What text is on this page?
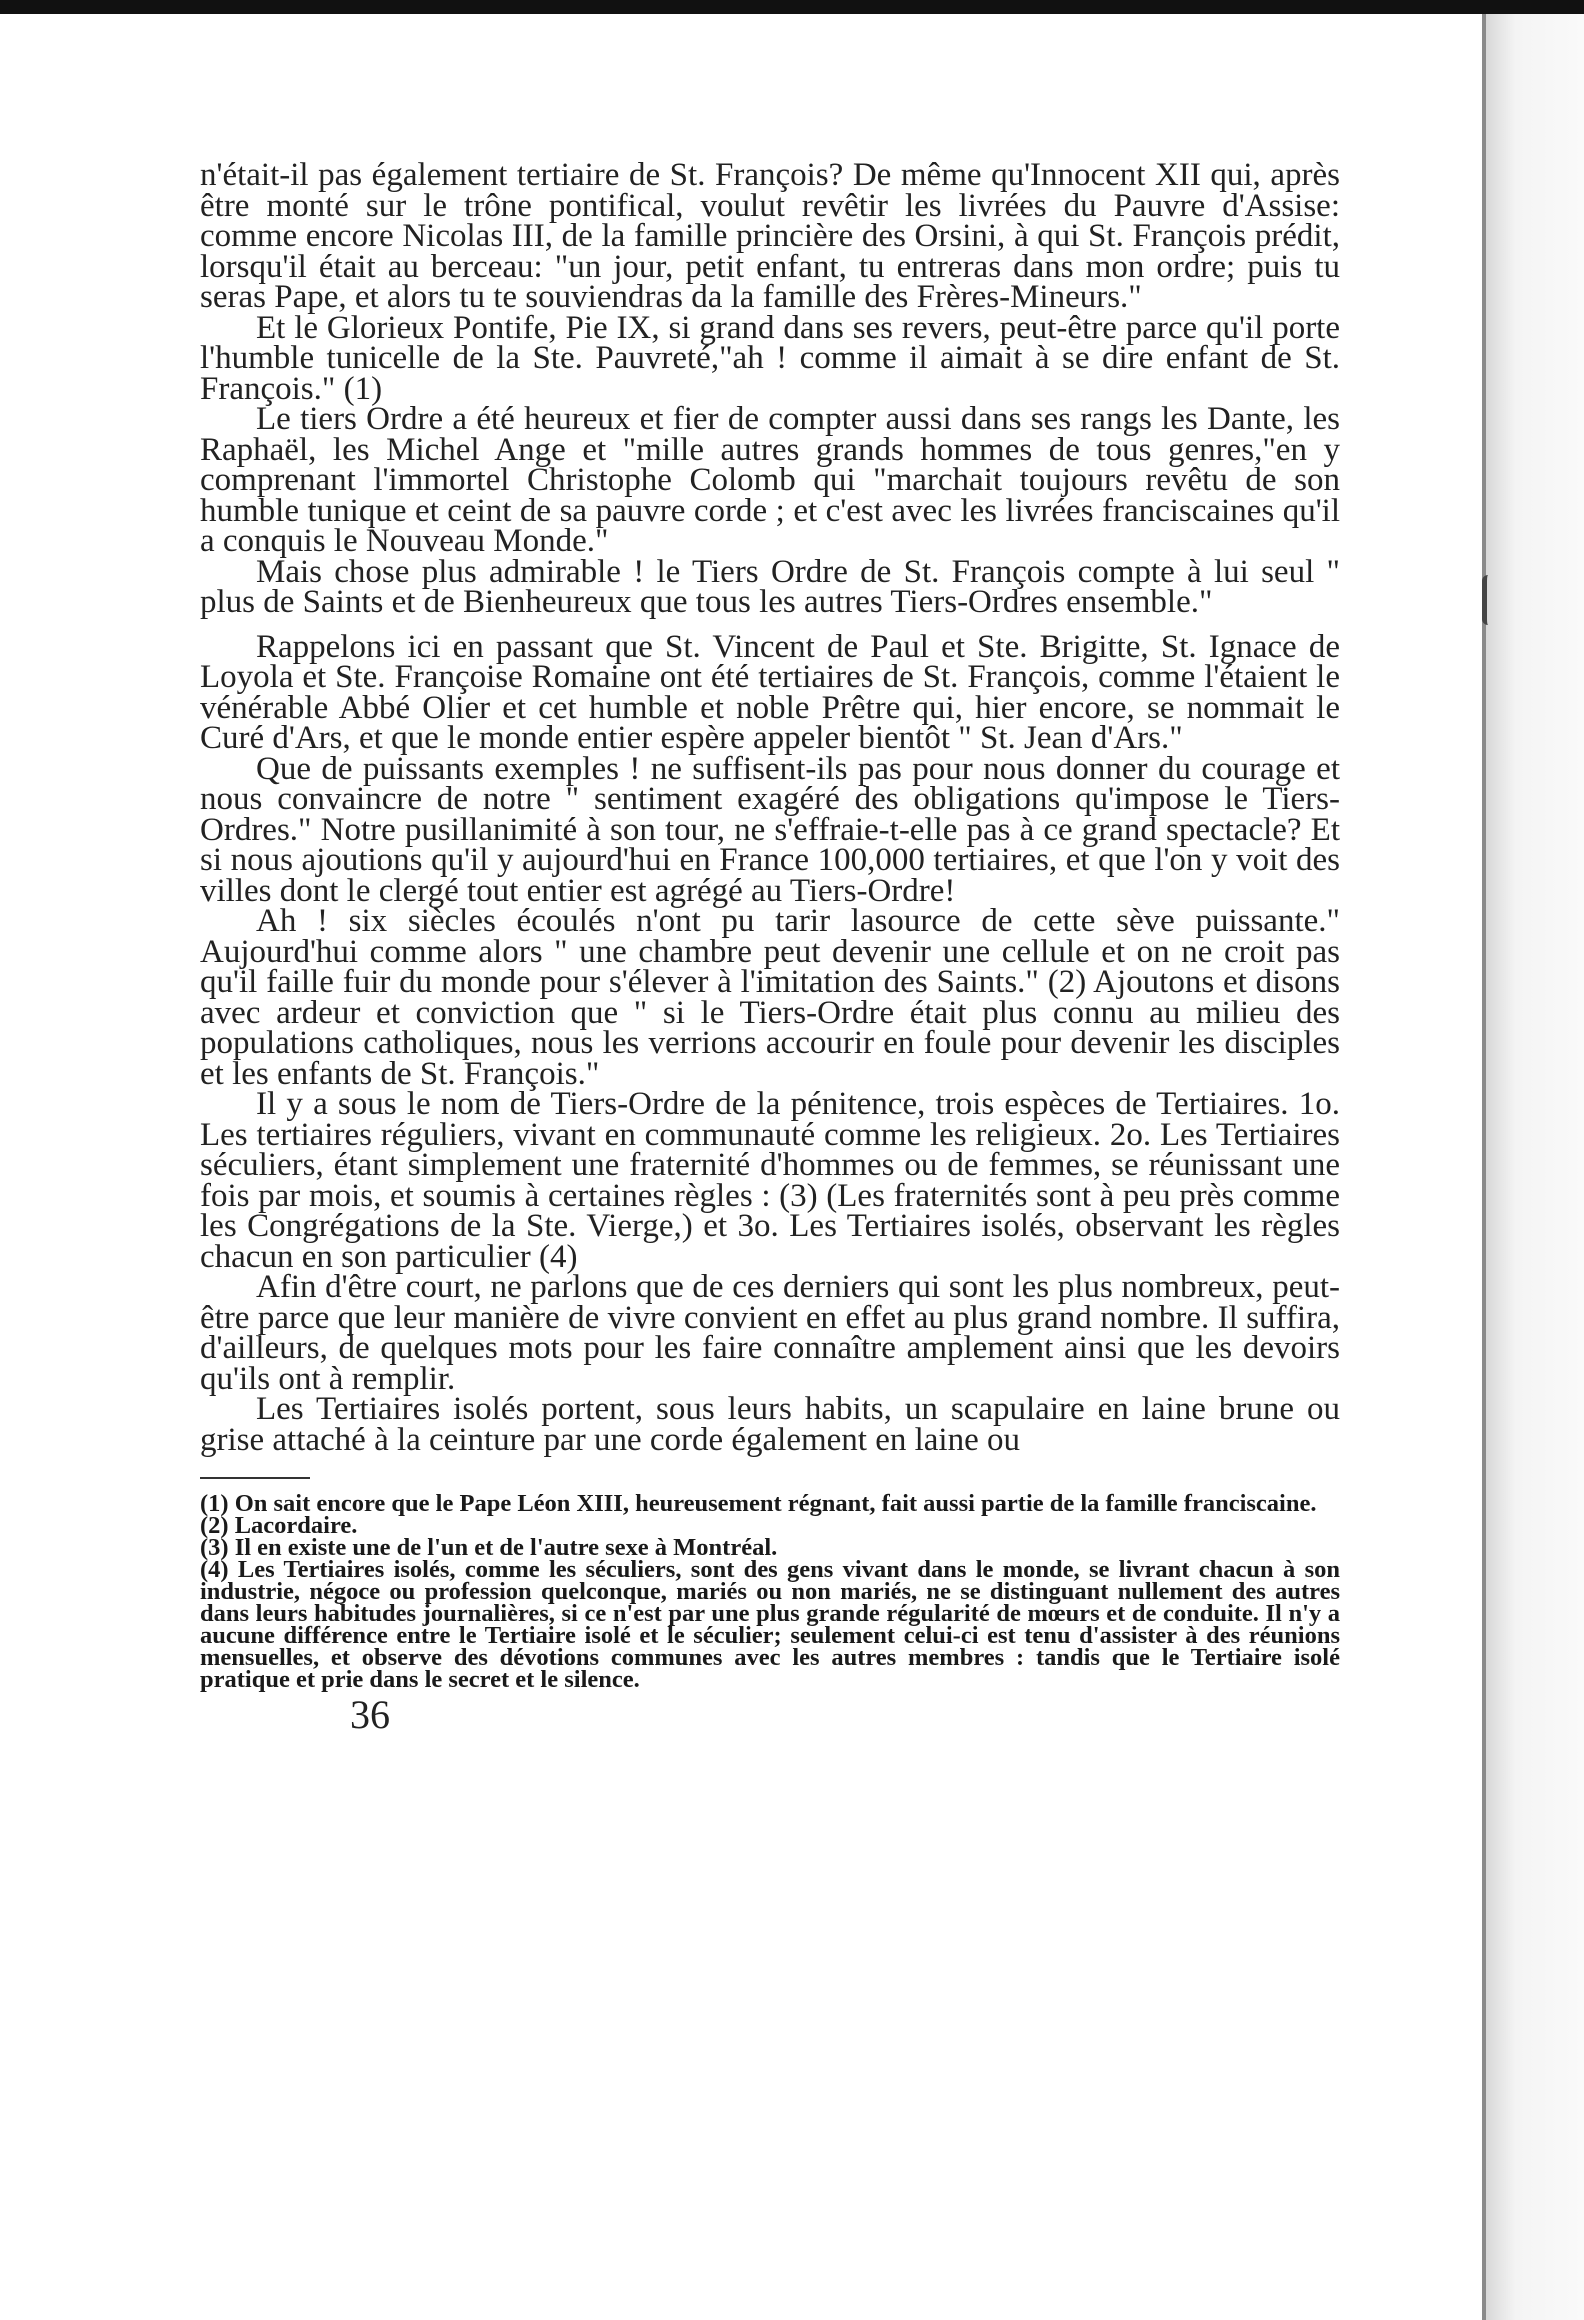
n'était-il pas également tertiaire de St. François? De même qu'Innocent XII qui, après être monté sur le trône pontifical, voulut revêtir les livrées du Pauvre d'Assise: comme encore Nicolas III, de la famille princière des Orsini, à qui St. François prédit, lorsqu'il était au berceau: "un jour, petit enfant, tu entreras dans mon ordre; puis tu seras Pape, et alors tu te souviendras da la famille des Frères-Mineurs."

Et le Glorieux Pontife, Pie IX, si grand dans ses revers, peut-être parce qu'il porte l'humble tunicelle de la Ste. Pauvreté,"ah ! comme il aimait à se dire enfant de St. François." (1)

Le tiers Ordre a été heureux et fier de compter aussi dans ses rangs les Dante, les Raphaël, les Michel Ange et "mille autres grands hommes de tous genres,"en y comprenant l'immortel Christophe Colomb qui "marchait toujours revêtu de son humble tunique et ceint de sa pauvre corde ; et c'est avec les livrées franciscaines qu'il a conquis le Nouveau Monde."

Mais chose plus admirable ! le Tiers Ordre de St. François compte à lui seul " plus de Saints et de Bienheureux que tous les autres Tiers-Ordres ensemble."

Rappelons ici en passant que St. Vincent de Paul et Ste. Brigitte, St. Ignace de Loyola et Ste. Françoise Romaine ont été tertiaires de St. François, comme l'étaient le vénérable Abbé Olier et cet humble et noble Prêtre qui, hier encore, se nommait le Curé d'Ars, et que le monde entier espère appeler bientôt " St. Jean d'Ars."

Que de puissants exemples ! ne suffisent-ils pas pour nous donner du courage et nous convaincre de notre " sentiment exagéré des obligations qu'impose le Tiers-Ordres." Notre pusillanimité à son tour, ne s'effraie-t-elle pas à ce grand spectacle? Et si nous ajoutions qu'il y aujourd'hui en France 100,000 tertiaires, et que l'on y voit des villes dont le clergé tout entier est agrégé au Tiers-Ordre!

Ah ! six siècles écoulés n'ont pu tarir lasource de cette sève puissante." Aujourd'hui comme alors " une chambre peut devenir une cellule et on ne croit pas qu'il faille fuir du monde pour s'élever à l'imitation des Saints." (2) Ajoutons et disons avec ardeur et conviction que " si le Tiers-Ordre était plus connu au milieu des populations catholiques, nous les verrions accourir en foule pour devenir les disciples et les enfants de St. François."

Il y a sous le nom de Tiers-Ordre de la pénitence, trois espèces de Tertiaires. 1o. Les tertiaires réguliers, vivant en communauté comme les religieux. 2o. Les Tertiaires séculiers, étant simplement une fraternité d'hommes ou de femmes, se réunissant une fois par mois, et soumis à certaines règles : (3) (Les fraternités sont à peu près comme les Congrégations de la Ste. Vierge,) et 3o. Les Tertiaires isolés, observant les règles chacun en son particulier (4)

Afin d'être court, ne parlons que de ces derniers qui sont les plus nombreux, peut-être parce que leur manière de vivre convient en effet au plus grand nombre. Il suffira, d'ailleurs, de quelques mots pour les faire connaître amplement ainsi que les devoirs qu'ils ont à remplir.

Les Tertiaires isolés portent, sous leurs habits, un scapulaire en laine brune ou grise attaché à la ceinture par une corde également en laine ou

(1) On sait encore que le Pape Léon XIII, heureusement régnant, fait aussi partie de la famille franciscaine.

(2) Lacordaire.

(3) Il en existe une de l'un et de l'autre sexe à Montréal.

(4) Les Tertiaires isolés, comme les séculiers, sont des gens vivant dans le monde, se livrant chacun à son industrie, négoce ou profession quelconque, mariés ou non mariés, ne se distinguant nullement des autres dans leurs habitudes journalières, si ce n'est par une plus grande régularité de mœurs et de conduite. Il n'y a aucune différence entre le Tertiaire isolé et le séculier; seulement celui-ci est tenu d'assister à des réunions mensuelles, et observe des dévotions communes avec les autres membres : tandis que le Tertiaire isolé pratique et prie dans le secret et le silence.

36
